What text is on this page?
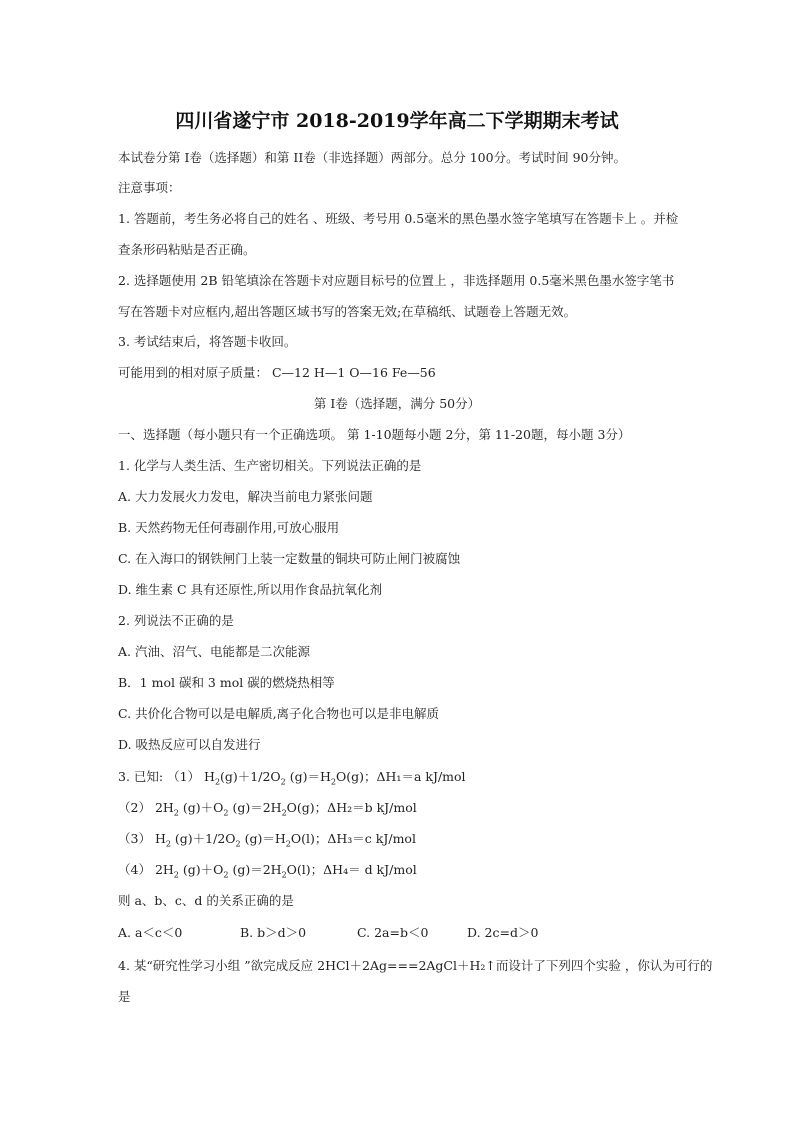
四川省遂宁市 2018-2019学年高二下学期期末考试
本试卷分第 I卷（选择题）和第 II卷（非选择题）两部分。总分 100分。考试时间 90分钟。
注意事项：
1. 答题前，考生务必将自己的姓名 、班级、考号用 0.5毫米的黑色墨水签字笔填写在答题卡上 。并检
查条形码粘贴是否正确。
2. 选择题使用 2B 铅笔填涂在答题卡对应题目标号的位置上 ，非选择题用 0.5毫米黑色墨水签字笔书
写在答题卡对应框内,超出答题区域书写的答案无效;在草稿纸、试题卷上答题无效。
3. 考试结束后，将答题卡收回。
可能用到的相对原子质量： C—12 H—1 O—16 Fe—56
第 I卷（选择题，满分 50分）
一、选择题（每小题只有一个正确选项。 第 1-10题每小题 2分，第 11-20题，每小题 3分）
1. 化学与人类生活、生产密切相关。下列说法正确的是
A. 大力发展火力发电，解决当前电力紧张问题
B. 天然药物无任何毒副作用,可放心服用
C. 在入海口的钢铁闸门上装一定数量的铜块可防止闸门被腐蚀
D. 维生素 C 具有还原性,所以用作食品抗氧化剂
2. 列说法不正确的是
A. 汽油、沼气、电能都是二次能源
B．1 mol 碳和 3 mol 碳的燃烧热相等
C. 共价化合物可以是电解质,离子化合物也可以是非电解质
D. 吸热反应可以自发进行
3. 已知: （1） $H_2(g)+1/2O_2$ $(g)=H_2O(g)$；ΔH₁＝a kJ/mol
（2） $2H_2$ $(g)+O_2$ $(g)=2H_2O(g)$；ΔH₂＝b kJ/mol
（3） $H_2$ $(g)+1/2O_2$ $(g)=H_2O(l)$；ΔH₃＝c kJ/mol
（4） $2H_2$ $(g)+O_2$ $(g)=2H_2O(l)$；ΔH₄＝ d kJ/mol
则 a、b、c、d 的关系正确的是
A. a＜c＜0	B. b＞d＞0	C. 2a=b＜0	D. 2c=d＞0
4. 某“研究性学习小组 ”欲完成反应 2HCl＋2Ag===2AgCl＋H₂↑而设计了下列四个实验 ，你认为可行的
是
